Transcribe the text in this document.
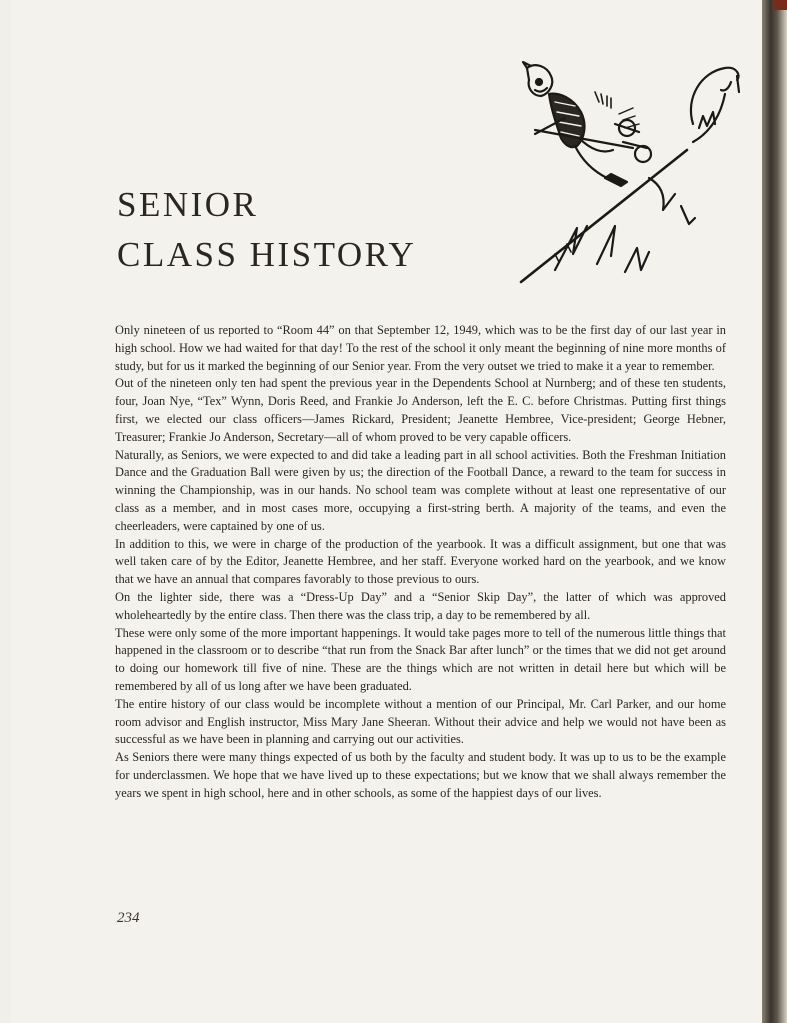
SENIOR
CLASS HISTORY

Only nineteen of us reported to “Room 44” on that September 12, 1949, which was to be the first day of our last year in high school. How we had waited for that day! To the rest of the school it only meant the beginning of nine more months of study, but for us it marked the beginning of our Senior year. From the very outset we tried to make it a year to remember.

Out of the nineteen only ten had spent the previous year in the Dependents School at Nurnberg; and of these ten students, four, Joan Nye, “Tex” Wynn, Doris Reed, and Frankie Jo Anderson, left the E. C. before Christmas. Putting first things first, we elected our class officers—James Rickard, President; Jeanette Hembree, Vice-president; George Hebner, Treasurer; Frankie Jo Anderson, Secretary—all of whom proved to be very capable officers.

Naturally, as Seniors, we were expected to and did take a leading part in all school activities. Both the Freshman Initiation Dance and the Graduation Ball were given by us; the direction of the Football Dance, a reward to the team for success in winning the Championship, was in our hands. No school team was complete without at least one representative of our class as a member, and in most cases more, occupying a first-string berth. A majority of the teams, and even the cheerleaders, were captained by one of us.

In addition to this, we were in charge of the production of the yearbook. It was a difficult assignment, but one that was well taken care of by the Editor, Jeanette Hembree, and her staff. Everyone worked hard on the yearbook, and we know that we have an annual that compares favorably to those previous to ours.

On the lighter side, there was a “Dress-Up Day” and a “Senior Skip Day”, the latter of which was approved wholeheartedly by the entire class. Then there was the class trip, a day to be remembered by all.

These were only some of the more important happenings. It would take pages more to tell of the numerous little things that happened in the classroom or to describe “that run from the Snack Bar after lunch” or the times that we did not get around to doing our homework till five of nine. These are the things which are not written in detail here but which will be remembered by all of us long after we have been graduated.

The entire history of our class would be incomplete without a mention of our Principal, Mr. Carl Parker, and our home room advisor and English instructor, Miss Mary Jane Sheeran. Without their advice and help we would not have been as successful as we have been in planning and carrying out our activities.

As Seniors there were many things expected of us both by the faculty and student body. It was up to us to be the example for underclassmen. We hope that we have lived up to these expectations; but we know that we shall always remember the years we spent in high school, here and in other schools, as some of the happiest days of our lives.

234
